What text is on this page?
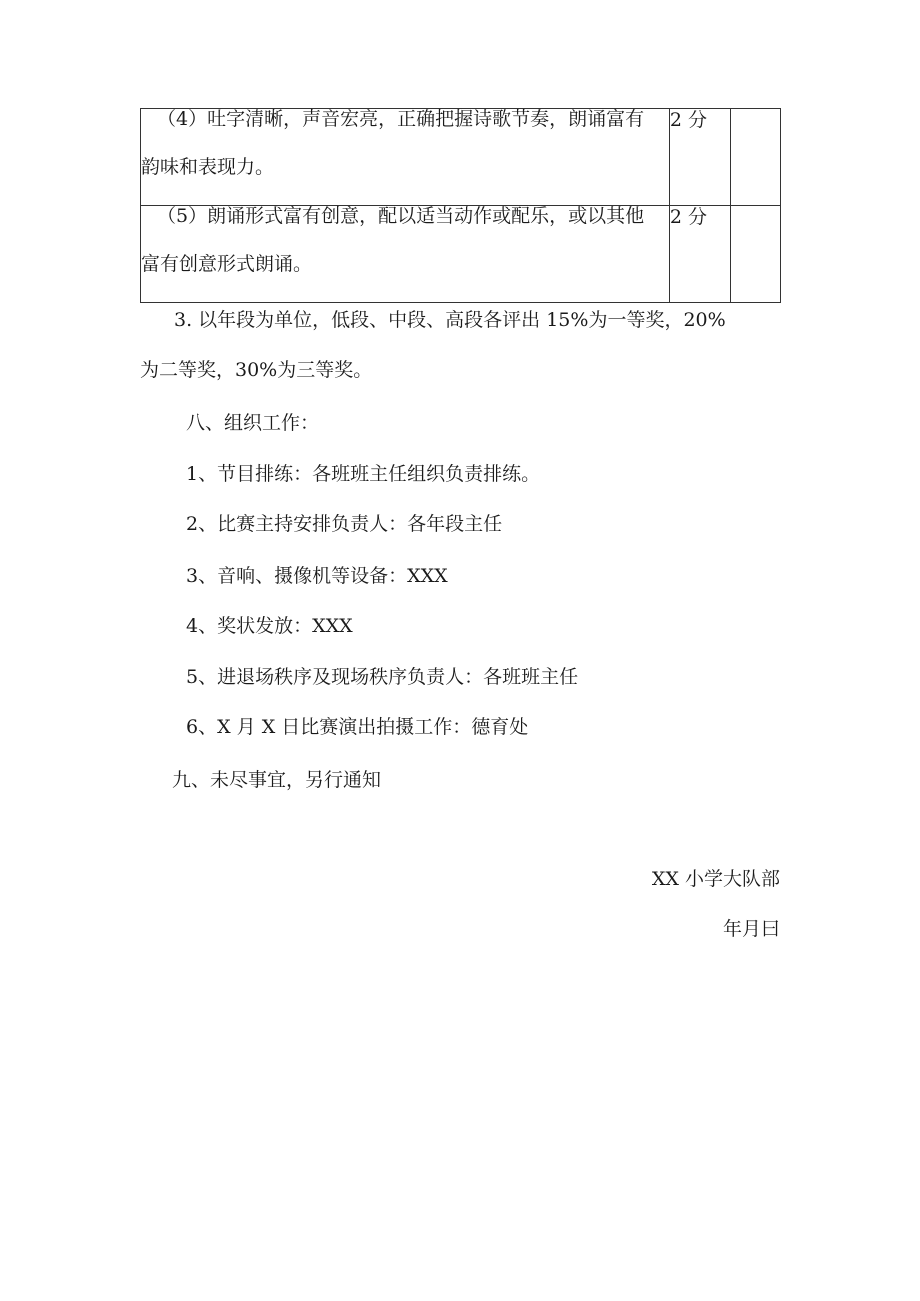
（4）吐字清晰，声音宏亮，正确把握诗歌节奏，朗诵富有
韵味和表现力。	2 分	

（5）朗诵形式富有创意，配以适当动作或配乐，或以其他
富有创意形式朗诵。	2 分	
3. 以年段为单位，低段、中段、高段各评出 15%为一等奖，20%
为二等奖，30%为三等奖。
八、组织工作：
1、节目排练：各班班主任组织负责排练。
2、比赛主持安排负责人：各年段主任
3、音响、摄像机等设备：XXX
4、奖状发放：XXX
5、进退场秩序及现场秩序负责人：各班班主任
6、X 月 X 日比赛演出拍摄工作：德育处
九、未尽事宜，另行通知
XX 小学大队部
年月曰
